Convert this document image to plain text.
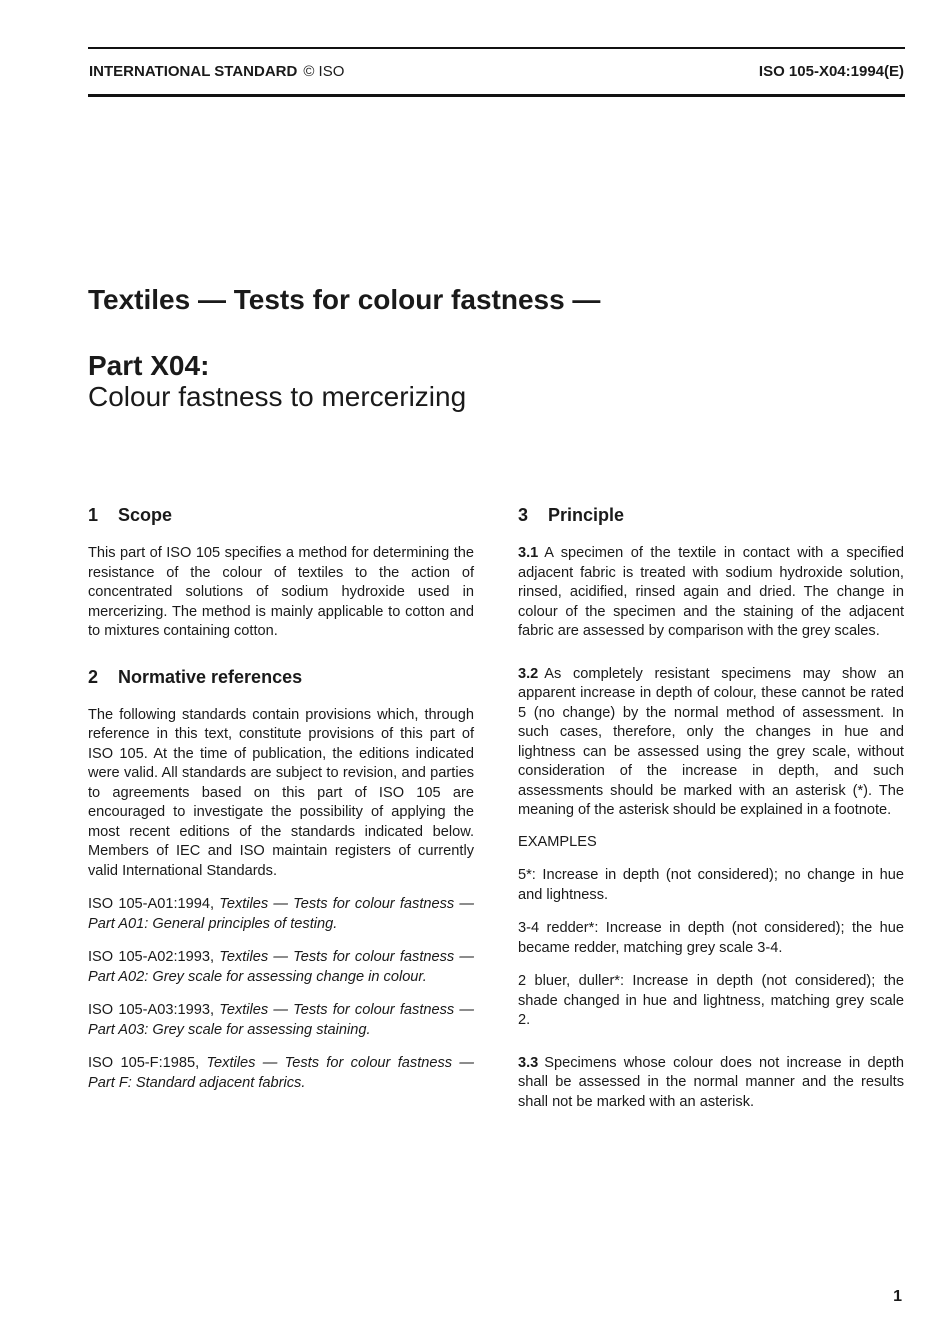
INTERNATIONAL STANDARD © ISO	ISO 105-X04:1994(E)
Textiles — Tests for colour fastness —
Part X04:
Colour fastness to mercerizing
1 Scope

This part of ISO 105 specifies a method for determining the resistance of the colour of textiles to the action of concentrated solutions of sodium hydroxide used in mercerizing. The method is mainly applicable to cotton and to mixtures containing cotton.

2 Normative references

The following standards contain provisions which, through reference in this text, constitute provisions of this part of ISO 105. At the time of publication, the editions indicated were valid. All standards are subject to revision, and parties to agreements based on this part of ISO 105 are encouraged to investigate the possibility of applying the most recent editions of the standards indicated below. Members of IEC and ISO maintain registers of currently valid International Standards.

ISO 105-A01:1994, Textiles — Tests for colour fastness — Part A01: General principles of testing.

ISO 105-A02:1993, Textiles — Tests for colour fastness — Part A02: Grey scale for assessing change in colour.

ISO 105-A03:1993, Textiles — Tests for colour fastness — Part A03: Grey scale for assessing staining.

ISO 105-F:1985, Textiles — Tests for colour fastness — Part F: Standard adjacent fabrics.

3 Principle

3.1 A specimen of the textile in contact with a specified adjacent fabric is treated with sodium hydroxide solution, rinsed, acidified, rinsed again and dried. The change in colour of the specimen and the staining of the adjacent fabric are assessed by comparison with the grey scales.

3.2 As completely resistant specimens may show an apparent increase in depth of colour, these cannot be rated 5 (no change) by the normal method of assessment. In such cases, therefore, only the changes in hue and lightness can be assessed using the grey scale, without consideration of the increase in depth, and such assessments should be marked with an asterisk (*). The meaning of the asterisk should be explained in a footnote.

EXAMPLES

5*: Increase in depth (not considered); no change in hue and lightness.

3-4 redder*: Increase in depth (not considered); the hue became redder, matching grey scale 3-4.

2 bluer, duller*: Increase in depth (not considered); the shade changed in hue and lightness, matching grey scale 2.

3.3 Specimens whose colour does not increase in depth shall be assessed in the normal manner and the results shall not be marked with an asterisk.

1
